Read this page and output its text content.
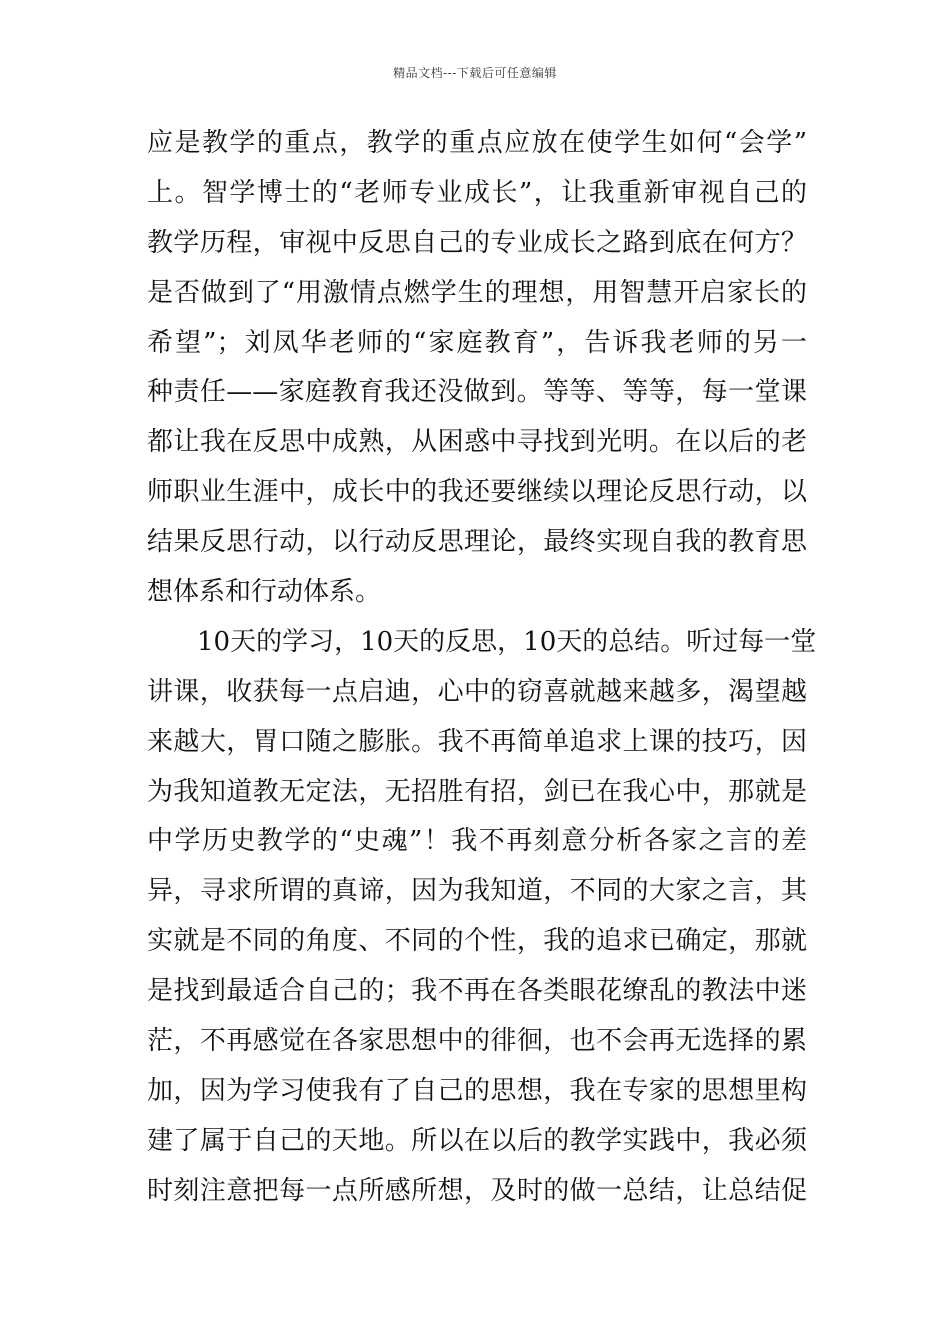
精品文档---下载后可任意编辑
应是教学的重点，教学的重点应放在使学生如何“会学”
上。智学博士的“老师专业成长”，让我重新审视自己的
教学历程，审视中反思自己的专业成长之路到底在何方？
是否做到了“用激情点燃学生的理想，用智慧开启家长的
希望”；刘凤华老师的“家庭教育”，告诉我老师的另一
种责任——家庭教育我还没做到。等等、等等，每一堂课
都让我在反思中成熟，从困惑中寻找到光明。在以后的老
师职业生涯中，成长中的我还要继续以理论反思行动，以
结果反思行动，以行动反思理论，最终实现自我的教育思
想体系和行动体系。
10天的学习，10天的反思，10天的总结。听过每一堂
讲课，收获每一点启迪，心中的窃喜就越来越多，渴望越
来越大，胃口随之膨胀。我不再简单追求上课的技巧，因
为我知道教无定法，无招胜有招，剑已在我心中，那就是
中学历史教学的“史魂”！我不再刻意分析各家之言的差
异，寻求所谓的真谛，因为我知道，不同的大家之言，其
实就是不同的角度、不同的个性，我的追求已确定，那就
是找到最适合自己的；我不再在各类眼花缭乱的教法中迷
茫，不再感觉在各家思想中的徘徊，也不会再无选择的累
加，因为学习使我有了自己的思想，我在专家的思想里构
建了属于自己的天地。所以在以后的教学实践中，我必须
时刻注意把每一点所感所想，及时的做一总结，让总结促
